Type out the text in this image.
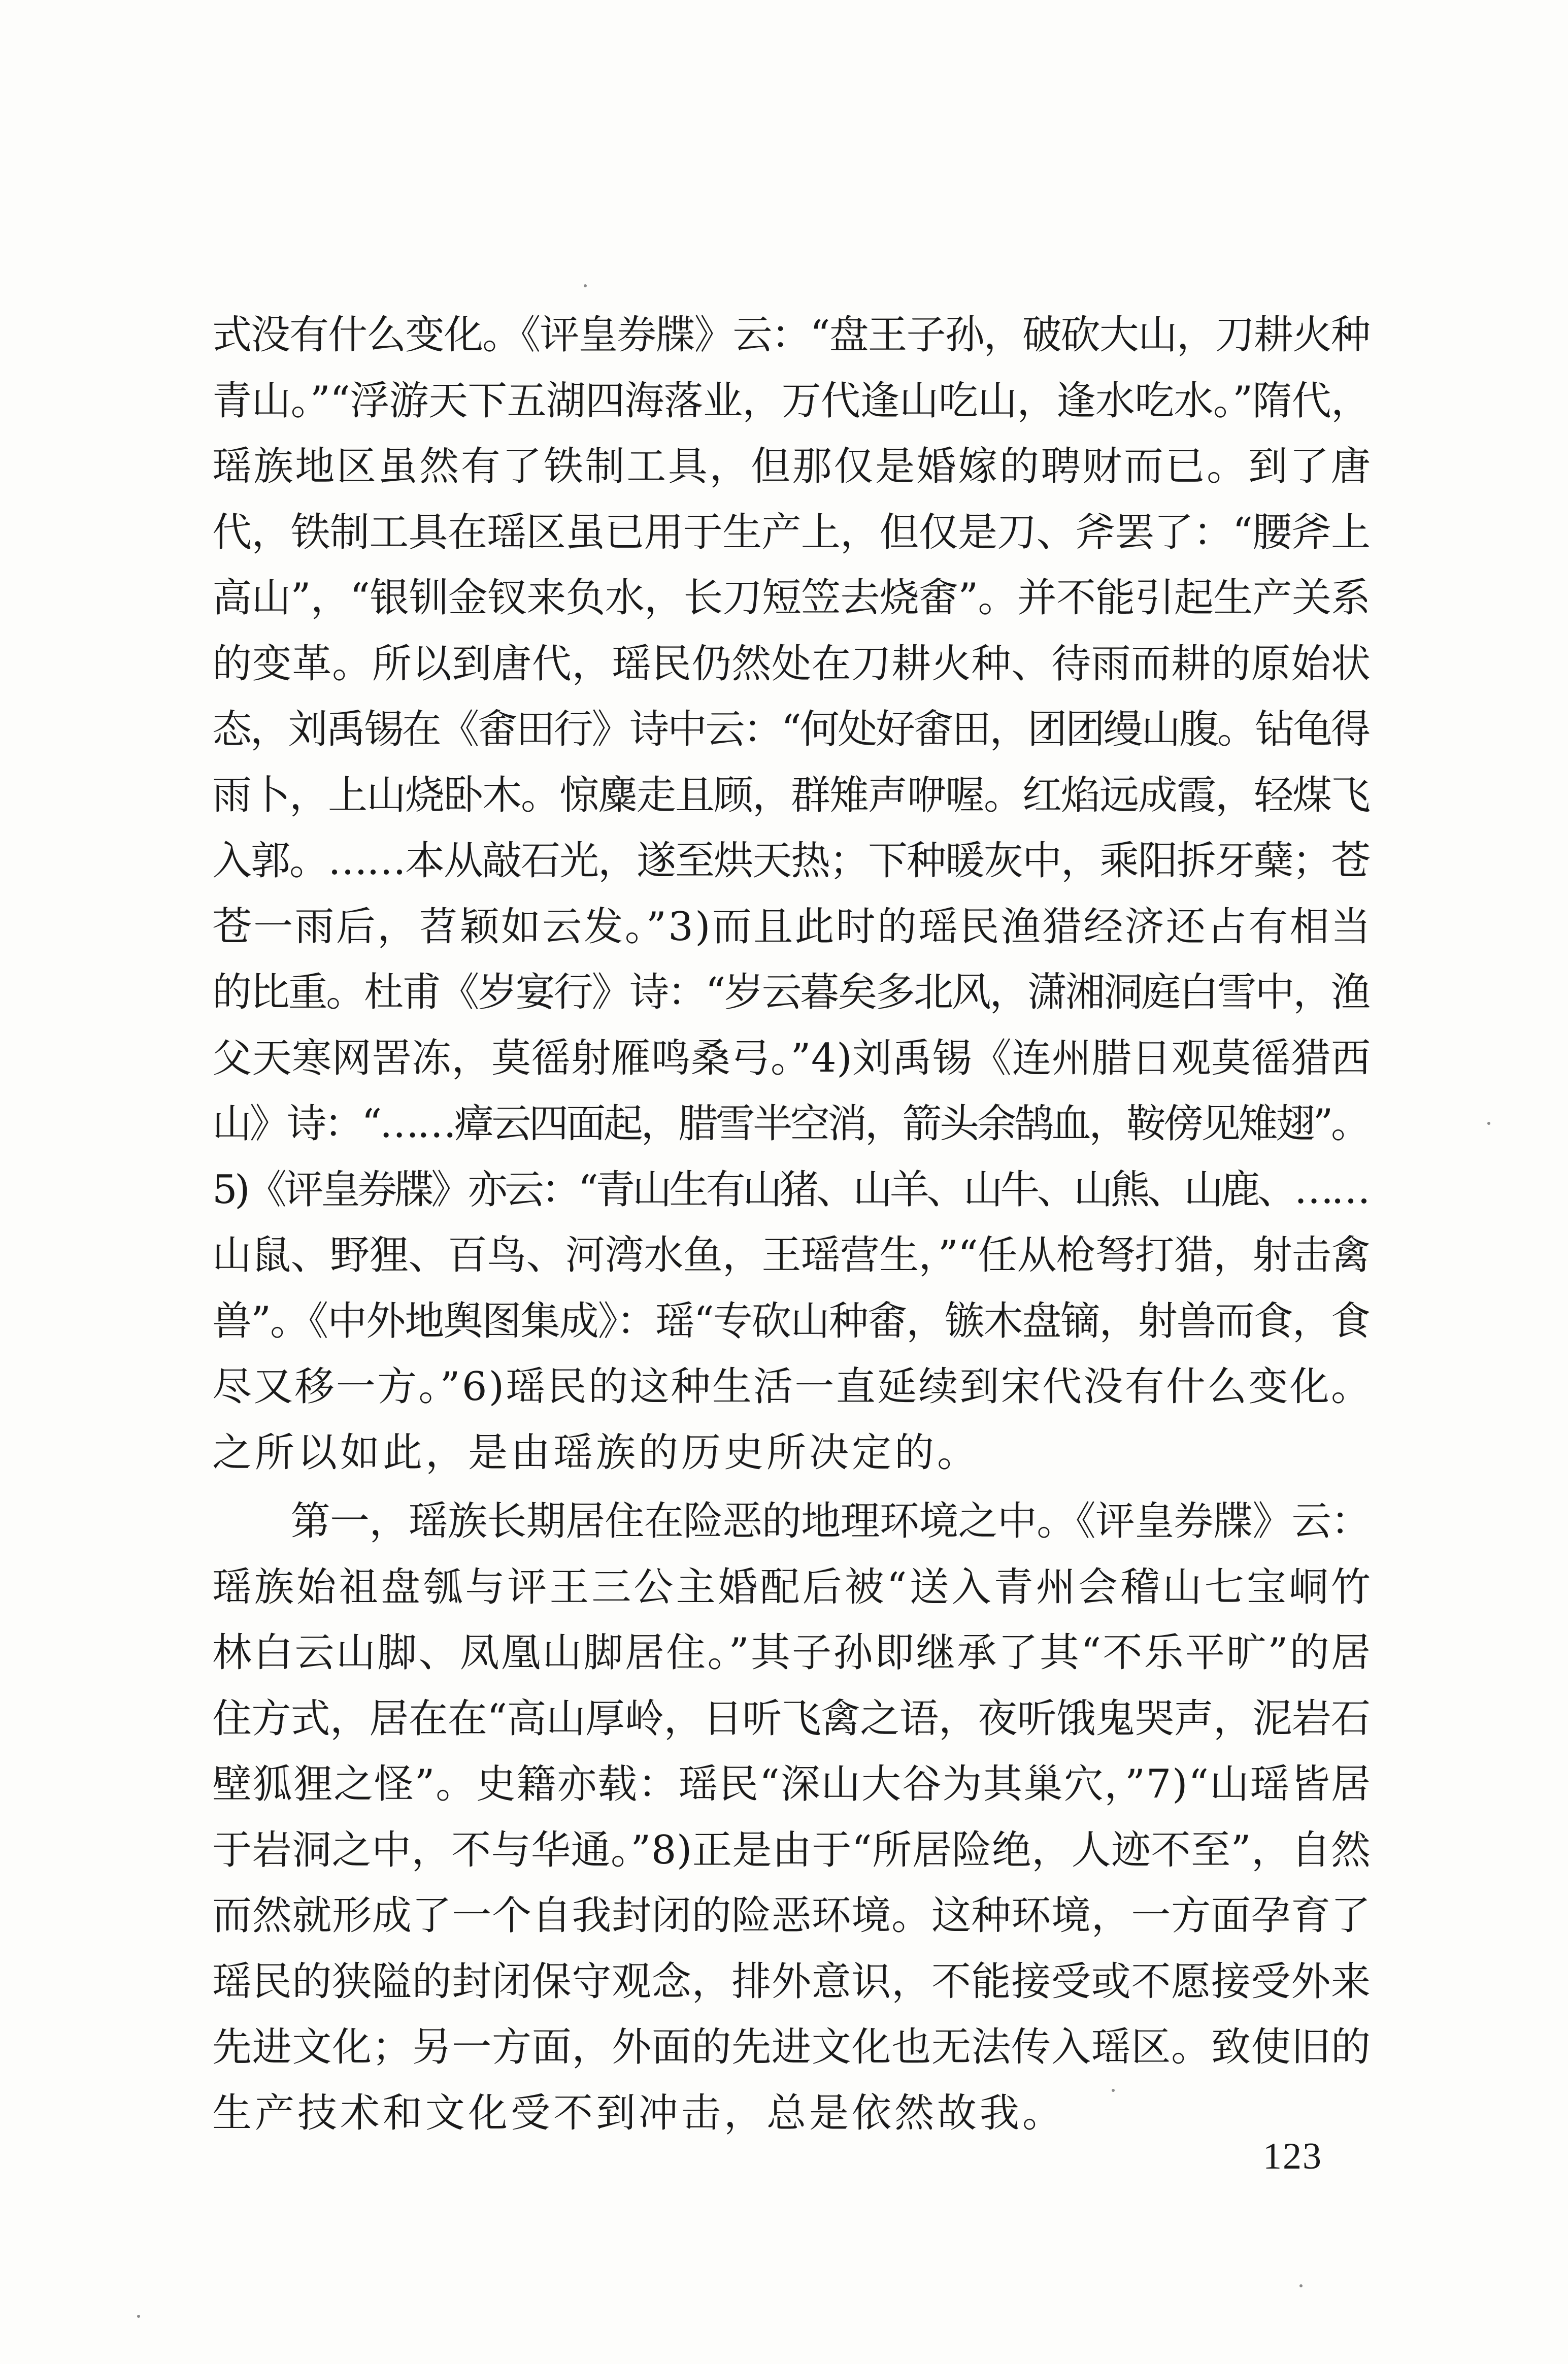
式没有什么变化。《评皇券牒》云：“盘王子孙，破砍大山，刀耕火种
青山。”“浮游天下五湖四海落业，万代逢山吃山，逢水吃水。”隋代，
瑶族地区虽然有了铁制工具，但那仅是婚嫁的聘财而已。到了唐
代，铁制工具在瑶区虽已用于生产上，但仅是刀、斧罢了：“腰斧上
高山”，“银钏金钗来负水，长刀短笠去烧畬”。并不能引起生产关系
的变革。所以到唐代，瑶民仍然处在刀耕火种、待雨而耕的原始状
态，刘禹锡在《畬田行》诗中云：“何处好畬田，团团缦山腹。钻龟得
雨卜，上山烧卧木。惊麋走且顾，群雉声咿喔。红焰远成霞，轻煤飞
入郭。……本从敲石光，遂至烘天热；下种暖灰中，乘阳拆牙蘖；苍
苍一雨后，苕颖如云发。”3)而且此时的瑶民渔猎经济还占有相当
的比重。杜甫《岁宴行》诗：“岁云暮矣多北风，潇湘洞庭白雪中，渔
父天寒网罟冻，莫徭射雁鸣桑弓。”4)刘禹锡《连州腊日观莫徭猎西
山》诗：“……瘴云四面起，腊雪半空消，箭头余鹄血，鞍傍见雉翅”。
5)《评皇券牒》亦云：“青山生有山猪、山羊、山牛、山熊、山鹿、……
山鼠、野狸、百鸟、河湾水鱼，王瑶营生，”“任从枪弩打猎，射击禽
兽”。《中外地舆图集成》：瑶“专砍山种畬，镞木盘镝，射兽而食，食
尽又移一方。”6)瑶民的这种生活一直延续到宋代没有什么变化。
之所以如此，是由瑶族的历史所决定的。
　　第一，瑶族长期居住在险恶的地理环境之中。《评皇券牒》云：
瑶族始祖盘瓠与评王三公主婚配后被“送入青州会稽山七宝峒竹
林白云山脚、凤凰山脚居住。”其子孙即继承了其“不乐平旷”的居
住方式，居在在“高山厚岭，日听飞禽之语，夜听饿鬼哭声，泥岩石
壁狐狸之怪”。史籍亦载：瑶民“深山大谷为其巢穴，”7)“山瑶皆居
于岩洞之中，不与华通。”8)正是由于“所居险绝，人迹不至”，自然
而然就形成了一个自我封闭的险恶环境。这种环境，一方面孕育了
瑶民的狭隘的封闭保守观念，排外意识，不能接受或不愿接受外来
先进文化；另一方面，外面的先进文化也无法传入瑶区。致使旧的
生产技术和文化受不到冲击，总是依然故我。
123
